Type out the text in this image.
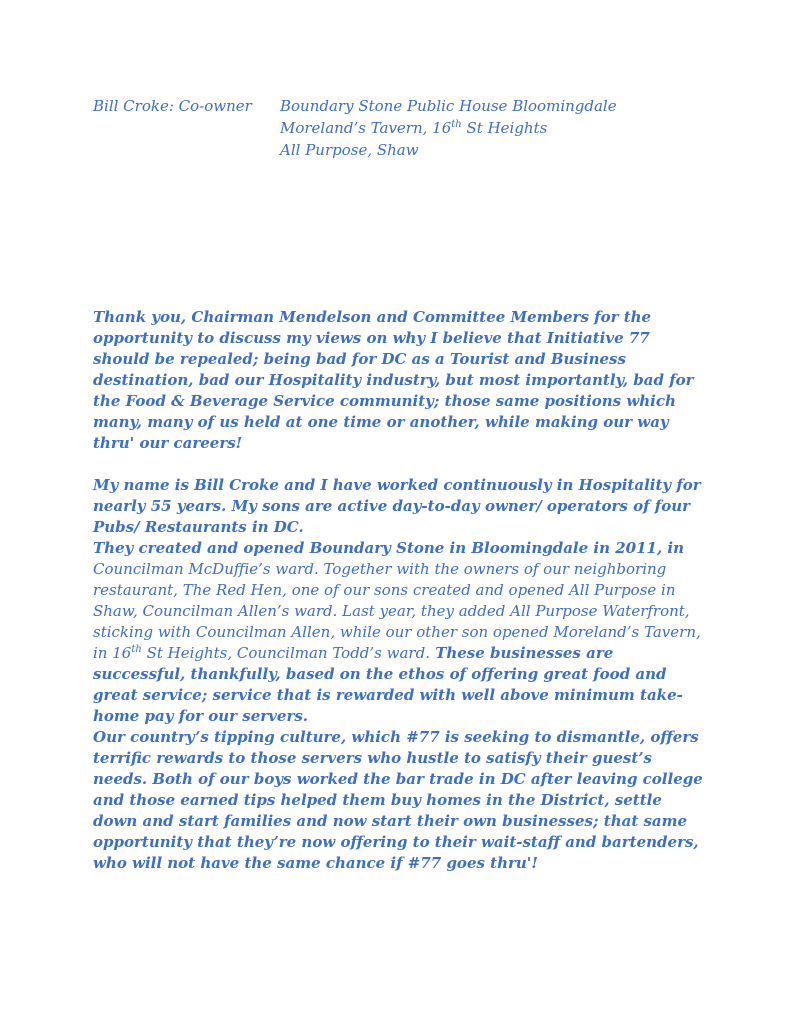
Bill Croke: Co-owner Boundary Stone Public House Bloomingdale
Moreland’s Tavern, 16th St Heights
All Purpose, Shaw

Thank you, Chairman Mendelson and Committee Members for the opportunity to discuss my views on why I believe that Initiative 77 should be repealed; being bad for DC as a Tourist and Business destination, bad our Hospitality industry, but most importantly, bad for the Food & Beverage Service community; those same positions which many, many of us held at one time or another, while making our way thru' our careers!

My name is Bill Croke and I have worked continuously in Hospitality for nearly 55 years. My sons are active day-to-day owner/ operators of four Pubs/ Restaurants in DC.

They created and opened Boundary Stone in Bloomingdale in 2011, in Councilman McDuffie’s ward. Together with the owners of our neighboring restaurant, The Red Hen, one of our sons created and opened All Purpose in Shaw, Councilman Allen’s ward. Last year, they added All Purpose Waterfront, sticking with Councilman Allen, while our other son opened Moreland’s Tavern, in 16th St Heights, Councilman Todd’s ward. These businesses are successful, thankfully, based on the ethos of offering great food and great service; service that is rewarded with well above minimum take-home pay for our servers.

Our country’s tipping culture, which #77 is seeking to dismantle, offers terrific rewards to those servers who hustle to satisfy their guest’s needs. Both of our boys worked the bar trade in DC after leaving college and those earned tips helped them buy homes in the District, settle down and start families and now start their own businesses; that same opportunity that they’re now offering to their wait-staff and bartenders, who will not have the same chance if #77 goes thru'!
